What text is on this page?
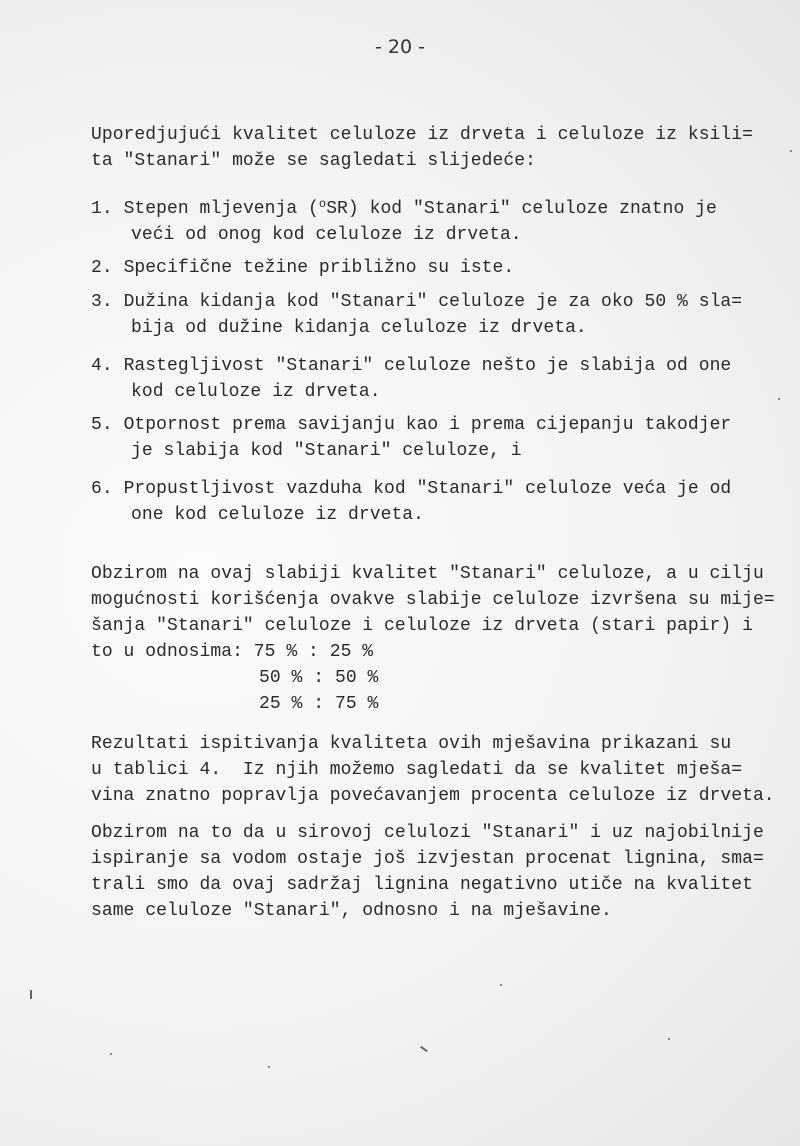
- 20 -
Uporedjujući kvalitet celuloze iz drveta i celuloze iz ksili=
ta "Stanari" može se sagledati slijedeće:
1. Stepen mljevenja ($^o$SR) kod "Stanari" celuloze znatno je
veći od onog kod celuloze iz drveta.
2. Specifične težine približno su iste.
3. Dužina kidanja kod "Stanari" celuloze je za oko 50 % sla=
bija od dužine kidanja celuloze iz drveta.
4. Rastegljivost "Stanari" celuloze nešto je slabija od one
kod celuloze iz drveta.
5. Otpornost prema savijanju kao i prema cijepanju takodjer
je slabija kod "Stanari" celuloze, i
6. Propustljivost vazduha kod "Stanari" celuloze veća je od
one kod celuloze iz drveta.
Obzirom na ovaj slabiji kvalitet "Stanari" celuloze, a u cilju
mogućnosti korišćenja ovakve slabije celuloze izvršena su mije=
šanja "Stanari" celuloze i celuloze iz drveta (stari papir) i
to u odnosima: 75 % : 25 %
50 % : 50 %
25 % : 75 %
Rezultati ispitivanja kvaliteta ovih mješavina prikazani su
u tablici 4.  Iz njih možemo sagledati da se kvalitet mješa=
vina znatno popravlja povećavanjem procenta celuloze iz drveta.
Obzirom na to da u sirovoj celulozi "Stanari" i uz najobilnije
ispiranje sa vodom ostaje još izvjestan procenat lignina, sma=
trali smo da ovaj sadržaj lignina negativno utiče na kvalitet
same celuloze "Stanari", odnosno i na mješavine.
